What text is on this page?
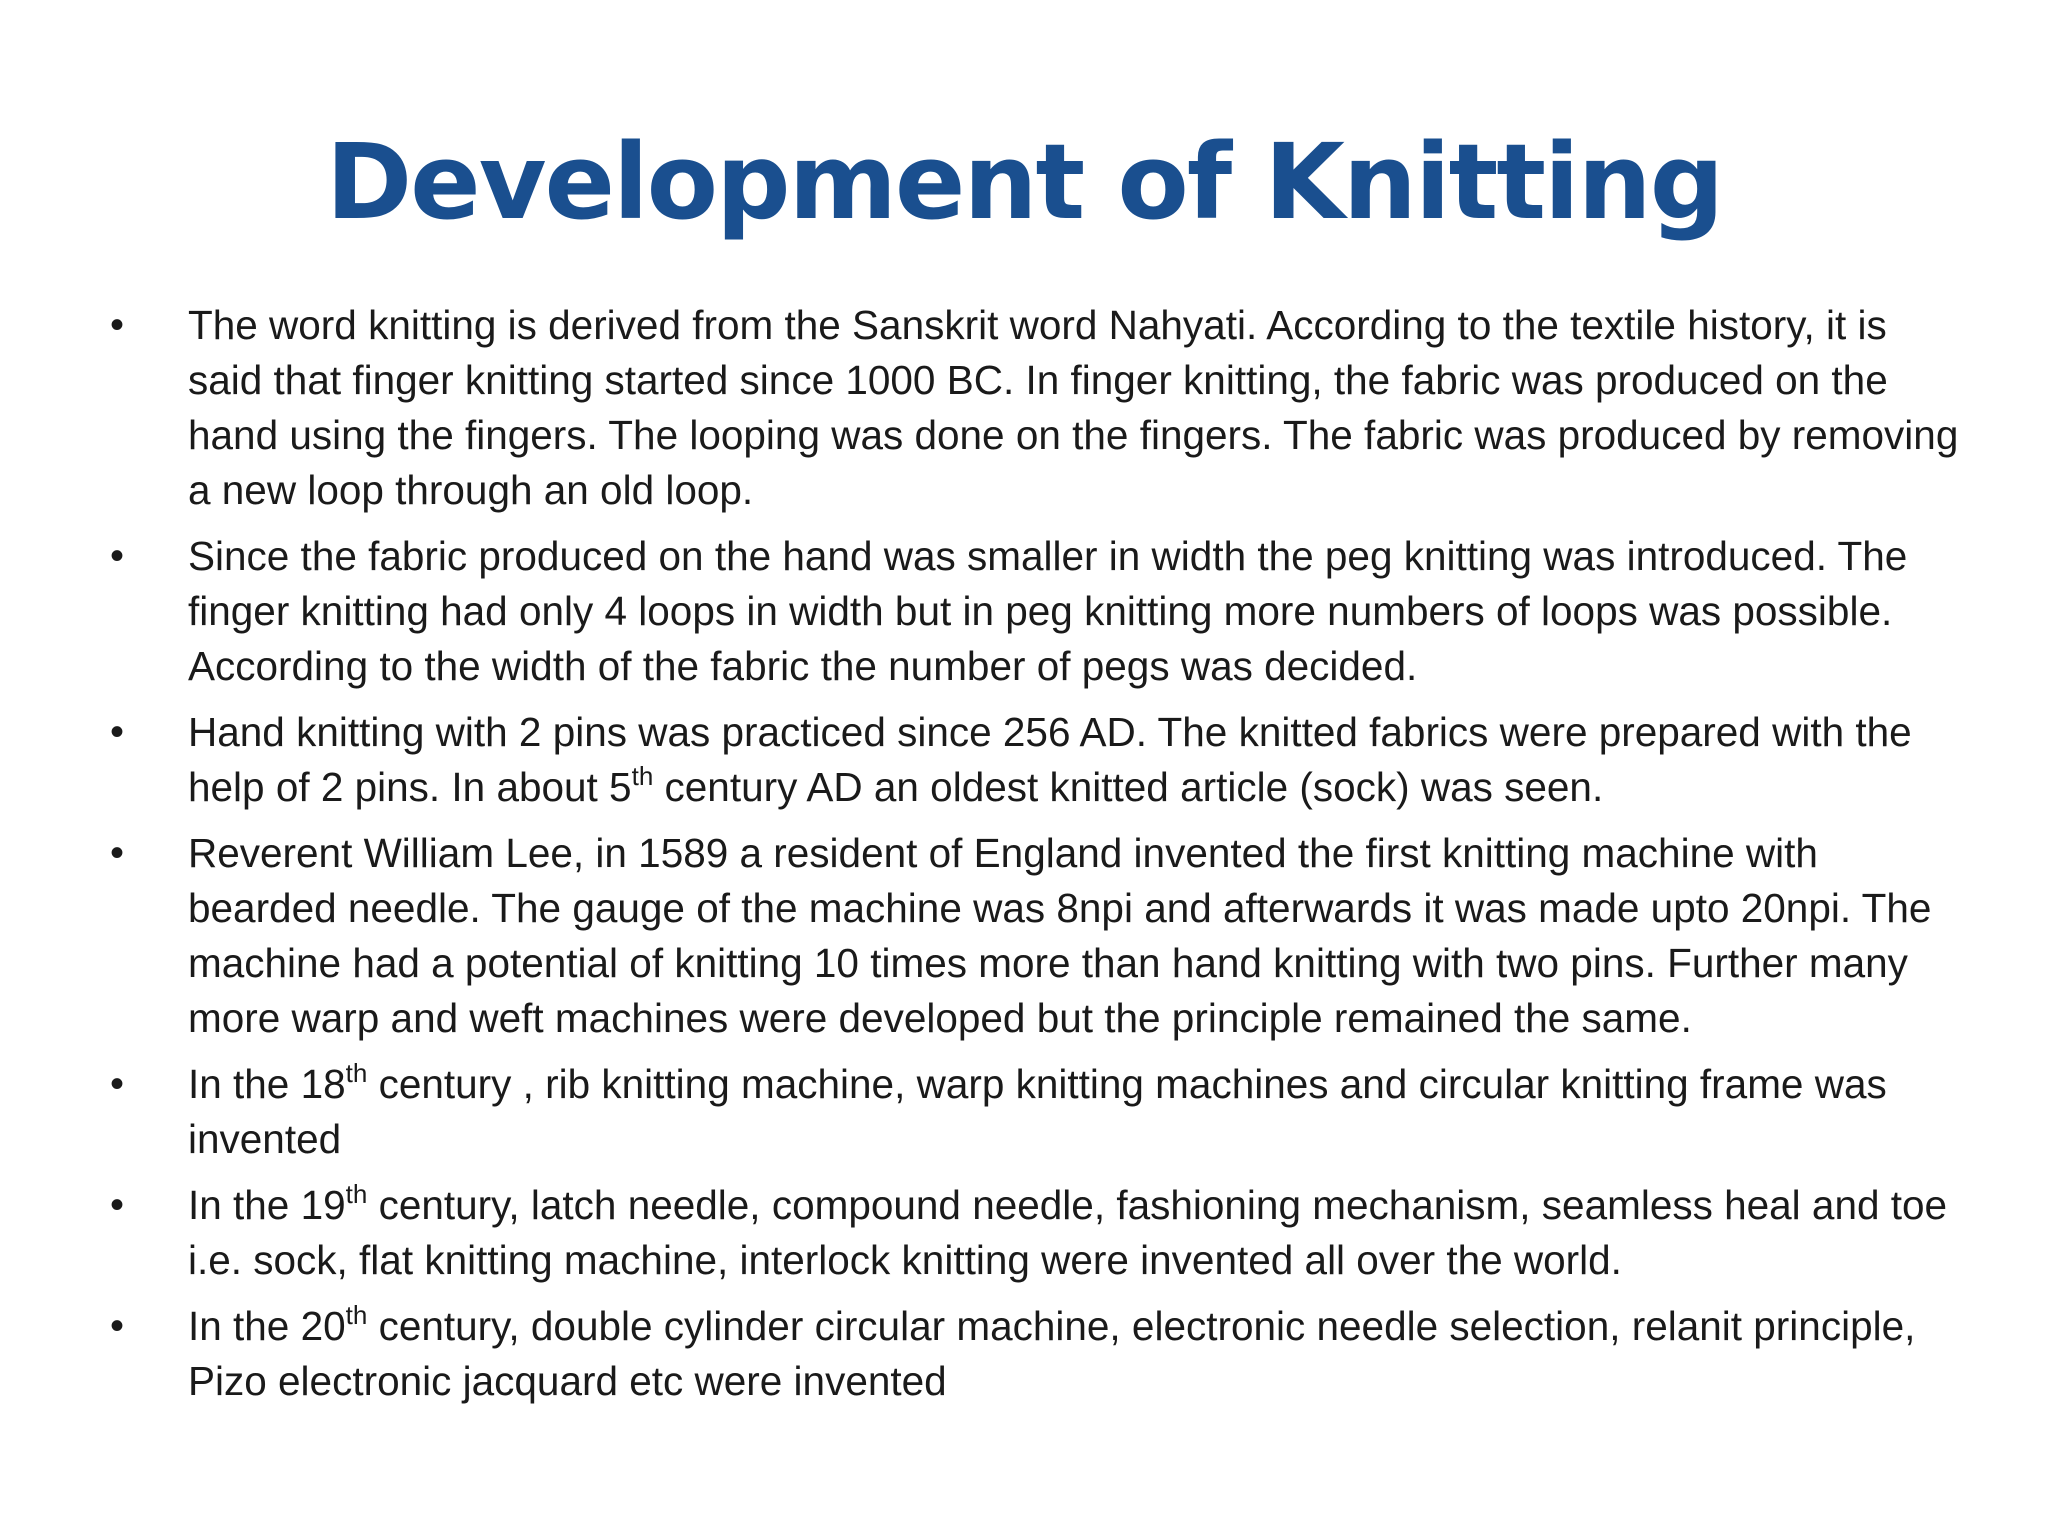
Development of Knitting
•	The word knitting is derived from the Sanskrit word Nahyati. According to the textile history, it is said that finger knitting started since 1000 BC. In finger knitting, the fabric was produced on the hand using the fingers. The looping was done on the fingers. The fabric was produced by removing a new loop through an old loop.
•	Since the fabric produced on the hand was smaller in width the peg knitting was introduced. The finger knitting had only 4 loops in width but in peg knitting more numbers of loops was possible. According to the width of the fabric the number of pegs was decided.
•	Hand knitting with 2 pins was practiced since 256 AD. The knitted fabrics were prepared with the help of 2 pins. In about 5th century AD an oldest knitted article (sock) was seen.
•	Reverent William Lee, in 1589 a resident of England invented the first knitting machine with bearded needle. The gauge of the machine was 8npi and afterwards it was made upto 20npi. The machine had a potential of knitting 10 times more than hand knitting with two pins. Further many more warp and weft machines were developed but the principle remained the same.
•	In the 18th century , rib knitting machine, warp knitting machines and circular knitting frame was invented
•	In the 19th century, latch needle, compound needle, fashioning mechanism, seamless heal and toe i.e. sock, flat knitting machine, interlock knitting were invented all over the world.
•	In the 20th century, double cylinder circular machine, electronic needle selection, relanit principle, Pizo electronic jacquard etc were invented
